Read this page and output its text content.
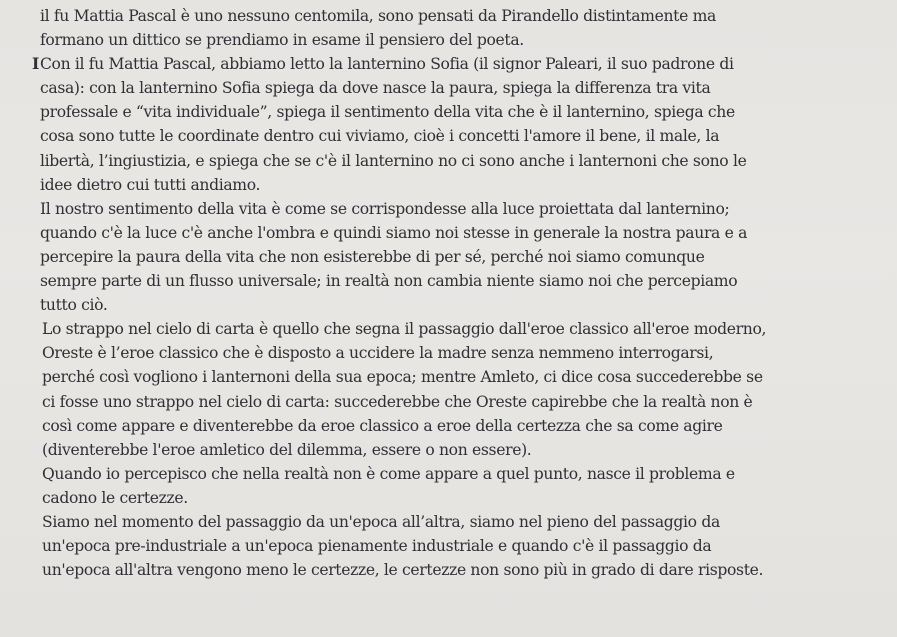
il fu Mattia Pascal è uno nessuno centomila, sono pensati da Pirandello distintamente ma
formano un dittico se prendiamo in esame il pensiero del poeta.
ICon il fu Mattia Pascal, abbiamo letto la lanternino Sofia (il signor Paleari, il suo padrone di
casa): con la lanternino Sofia spiega da dove nasce la paura, spiega la differenza tra vita
professale e “vita individuale”, spiega il sentimento della vita che è il lanternino, spiega che
cosa sono tutte le coordinate dentro cui viviamo, cioè i concetti l'amore il bene, il male, la
libertà, l’ingiustizia, e spiega che se c'è il lanternino no ci sono anche i lanternoni che sono le
idee dietro cui tutti andiamo.
Il nostro sentimento della vita è come se corrispondesse alla luce proiettata dal lanternino;
quando c'è la luce c'è anche l'ombra e quindi siamo noi stesse in generale la nostra paura e a
percepire la paura della vita che non esisterebbe di per sé, perché noi siamo comunque
sempre parte di un flusso universale; in realtà non cambia niente siamo noi che percepiamo
tutto ciò.
Lo strappo nel cielo di carta è quello che segna il passaggio dall'eroe classico all'eroe moderno,
Oreste è l’eroe classico che è disposto a uccidere la madre senza nemmeno interrogarsi,
perché così vogliono i lanternoni della sua epoca; mentre Amleto, ci dice cosa succederebbe se
ci fosse uno strappo nel cielo di carta: succederebbe che Oreste capirebbe che la realtà non è
così come appare e diventerebbe da eroe classico a eroe della certezza che sa come agire
(diventerebbe l'eroe amletico del dilemma, essere o non essere).
Quando io percepisco che nella realtà non è come appare a quel punto, nasce il problema e
cadono le certezze.
Siamo nel momento del passaggio da un'epoca all’altra, siamo nel pieno del passaggio da
un'epoca pre-industriale a un'epoca pienamente industriale e quando c'è il passaggio da
un'epoca all'altra vengono meno le certezze, le certezze non sono più in grado di dare risposte.
